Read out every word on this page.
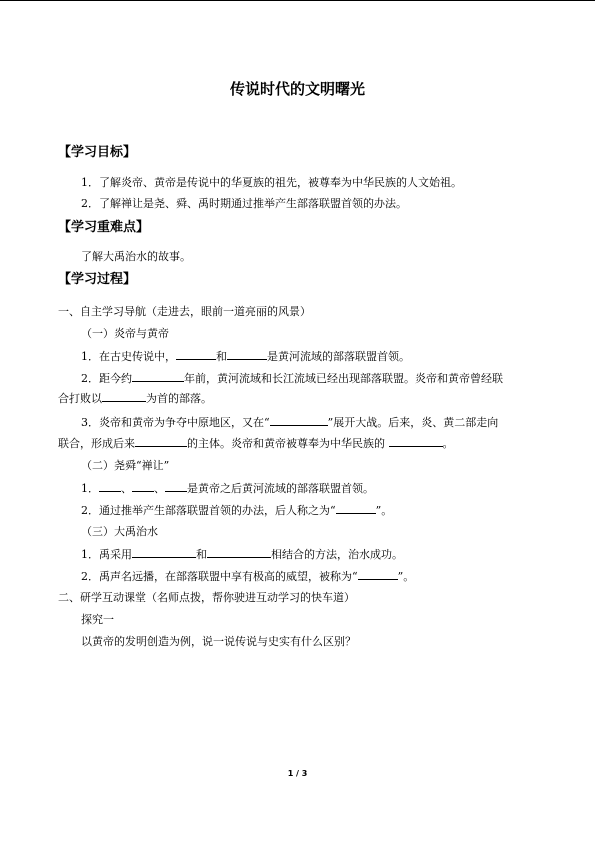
传说时代的文明曙光
【学习目标】
1．了解炎帝、黄帝是传说中的华夏族的祖先，被尊奉为中华民族的人文始祖。
2．了解禅让是尧、舜、禹时期通过推举产生部落联盟首领的办法。
【学习重难点】
了解大禹治水的故事。
【学习过程】
一、自主学习导航（走进去，眼前一道亮丽的风景）
（一）炎帝与黄帝
1．在古史传说中，	和	是黄河流域的部落联盟首领。
2．距今约	年前，黄河流域和长江流域已经出现部落联盟。炎帝和黄帝曾经联
合打败以	为首的部落。
3．炎帝和黄帝为争夺中原地区，又在“	”展开大战。后来，炎、黄二部走向
联合，形成后来	的主体。炎帝和黄帝被尊奉为中华民族的	。
（二）尧舜“禅让”
1． 、 、 是黄帝之后黄河流域的部落联盟首领。
2．通过推举产生部落联盟首领的办法，后人称之为“	”。
（三）大禹治水
1．禹采用	和	相结合的方法，治水成功。
2．禹声名远播，在部落联盟中享有极高的威望，被称为“	”。
二、研学互动课堂（名师点拨，帮你驶进互动学习的快车道）
探究一
以黄帝的发明创造为例，说一说传说与史实有什么区别？
1 / 3
